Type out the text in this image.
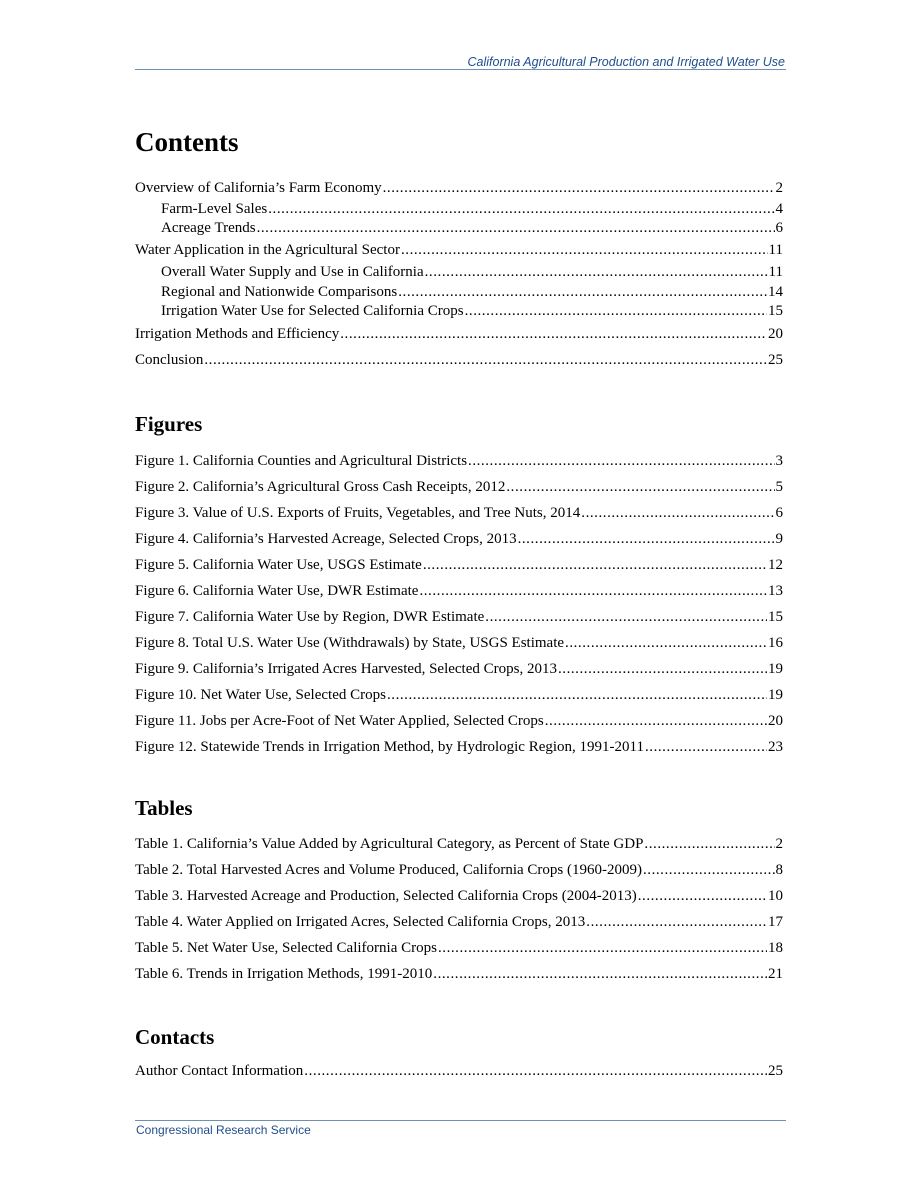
California Agricultural Production and Irrigated Water Use
Contents
Overview of California’s Farm Economy . . .	2
Farm-Level Sales . . .	4
Acreage Trends . . .	6
Water Application in the Agricultural Sector . . .	11
Overall Water Supply and Use in California . . .	11
Regional and Nationwide Comparisons . . .	14
Irrigation Water Use for Selected California Crops . . .	15
Irrigation Methods and Efficiency . . .	20
Conclusion . . .	25
Figures
Figure 1. California Counties and Agricultural Districts . . .	3
Figure 2. California’s Agricultural Gross Cash Receipts, 2012 . . .	5
Figure 3. Value of U.S. Exports of Fruits, Vegetables, and Tree Nuts, 2014 . . .	6
Figure 4. California’s Harvested Acreage, Selected Crops, 2013 . . .	9
Figure 5. California Water Use, USGS Estimate . . .	12
Figure 6. California Water Use, DWR Estimate . . .	13
Figure 7. California Water Use by Region, DWR Estimate . . .	15
Figure 8. Total U.S. Water Use (Withdrawals) by State, USGS Estimate . . .	16
Figure 9. California’s Irrigated Acres Harvested, Selected Crops, 2013 . . .	19
Figure 10. Net Water Use, Selected Crops . . .	19
Figure 11. Jobs per Acre-Foot of Net Water Applied, Selected Crops . . .	20
Figure 12. Statewide Trends in Irrigation Method, by Hydrologic Region, 1991-2011 . . .	23
Tables
Table 1. California’s Value Added by Agricultural Category, as Percent of State GDP . . .	2
Table 2. Total Harvested Acres and Volume Produced, California Crops (1960-2009) . . .	8
Table 3. Harvested Acreage and Production, Selected California Crops (2004-2013) . . .	10
Table 4. Water Applied on Irrigated Acres, Selected California Crops, 2013 . . .	17
Table 5. Net Water Use, Selected California Crops . . .	18
Table 6. Trends in Irrigation Methods, 1991-2010 . . .	21
Contacts
Author Contact Information . . .	25
Congressional Research Service
